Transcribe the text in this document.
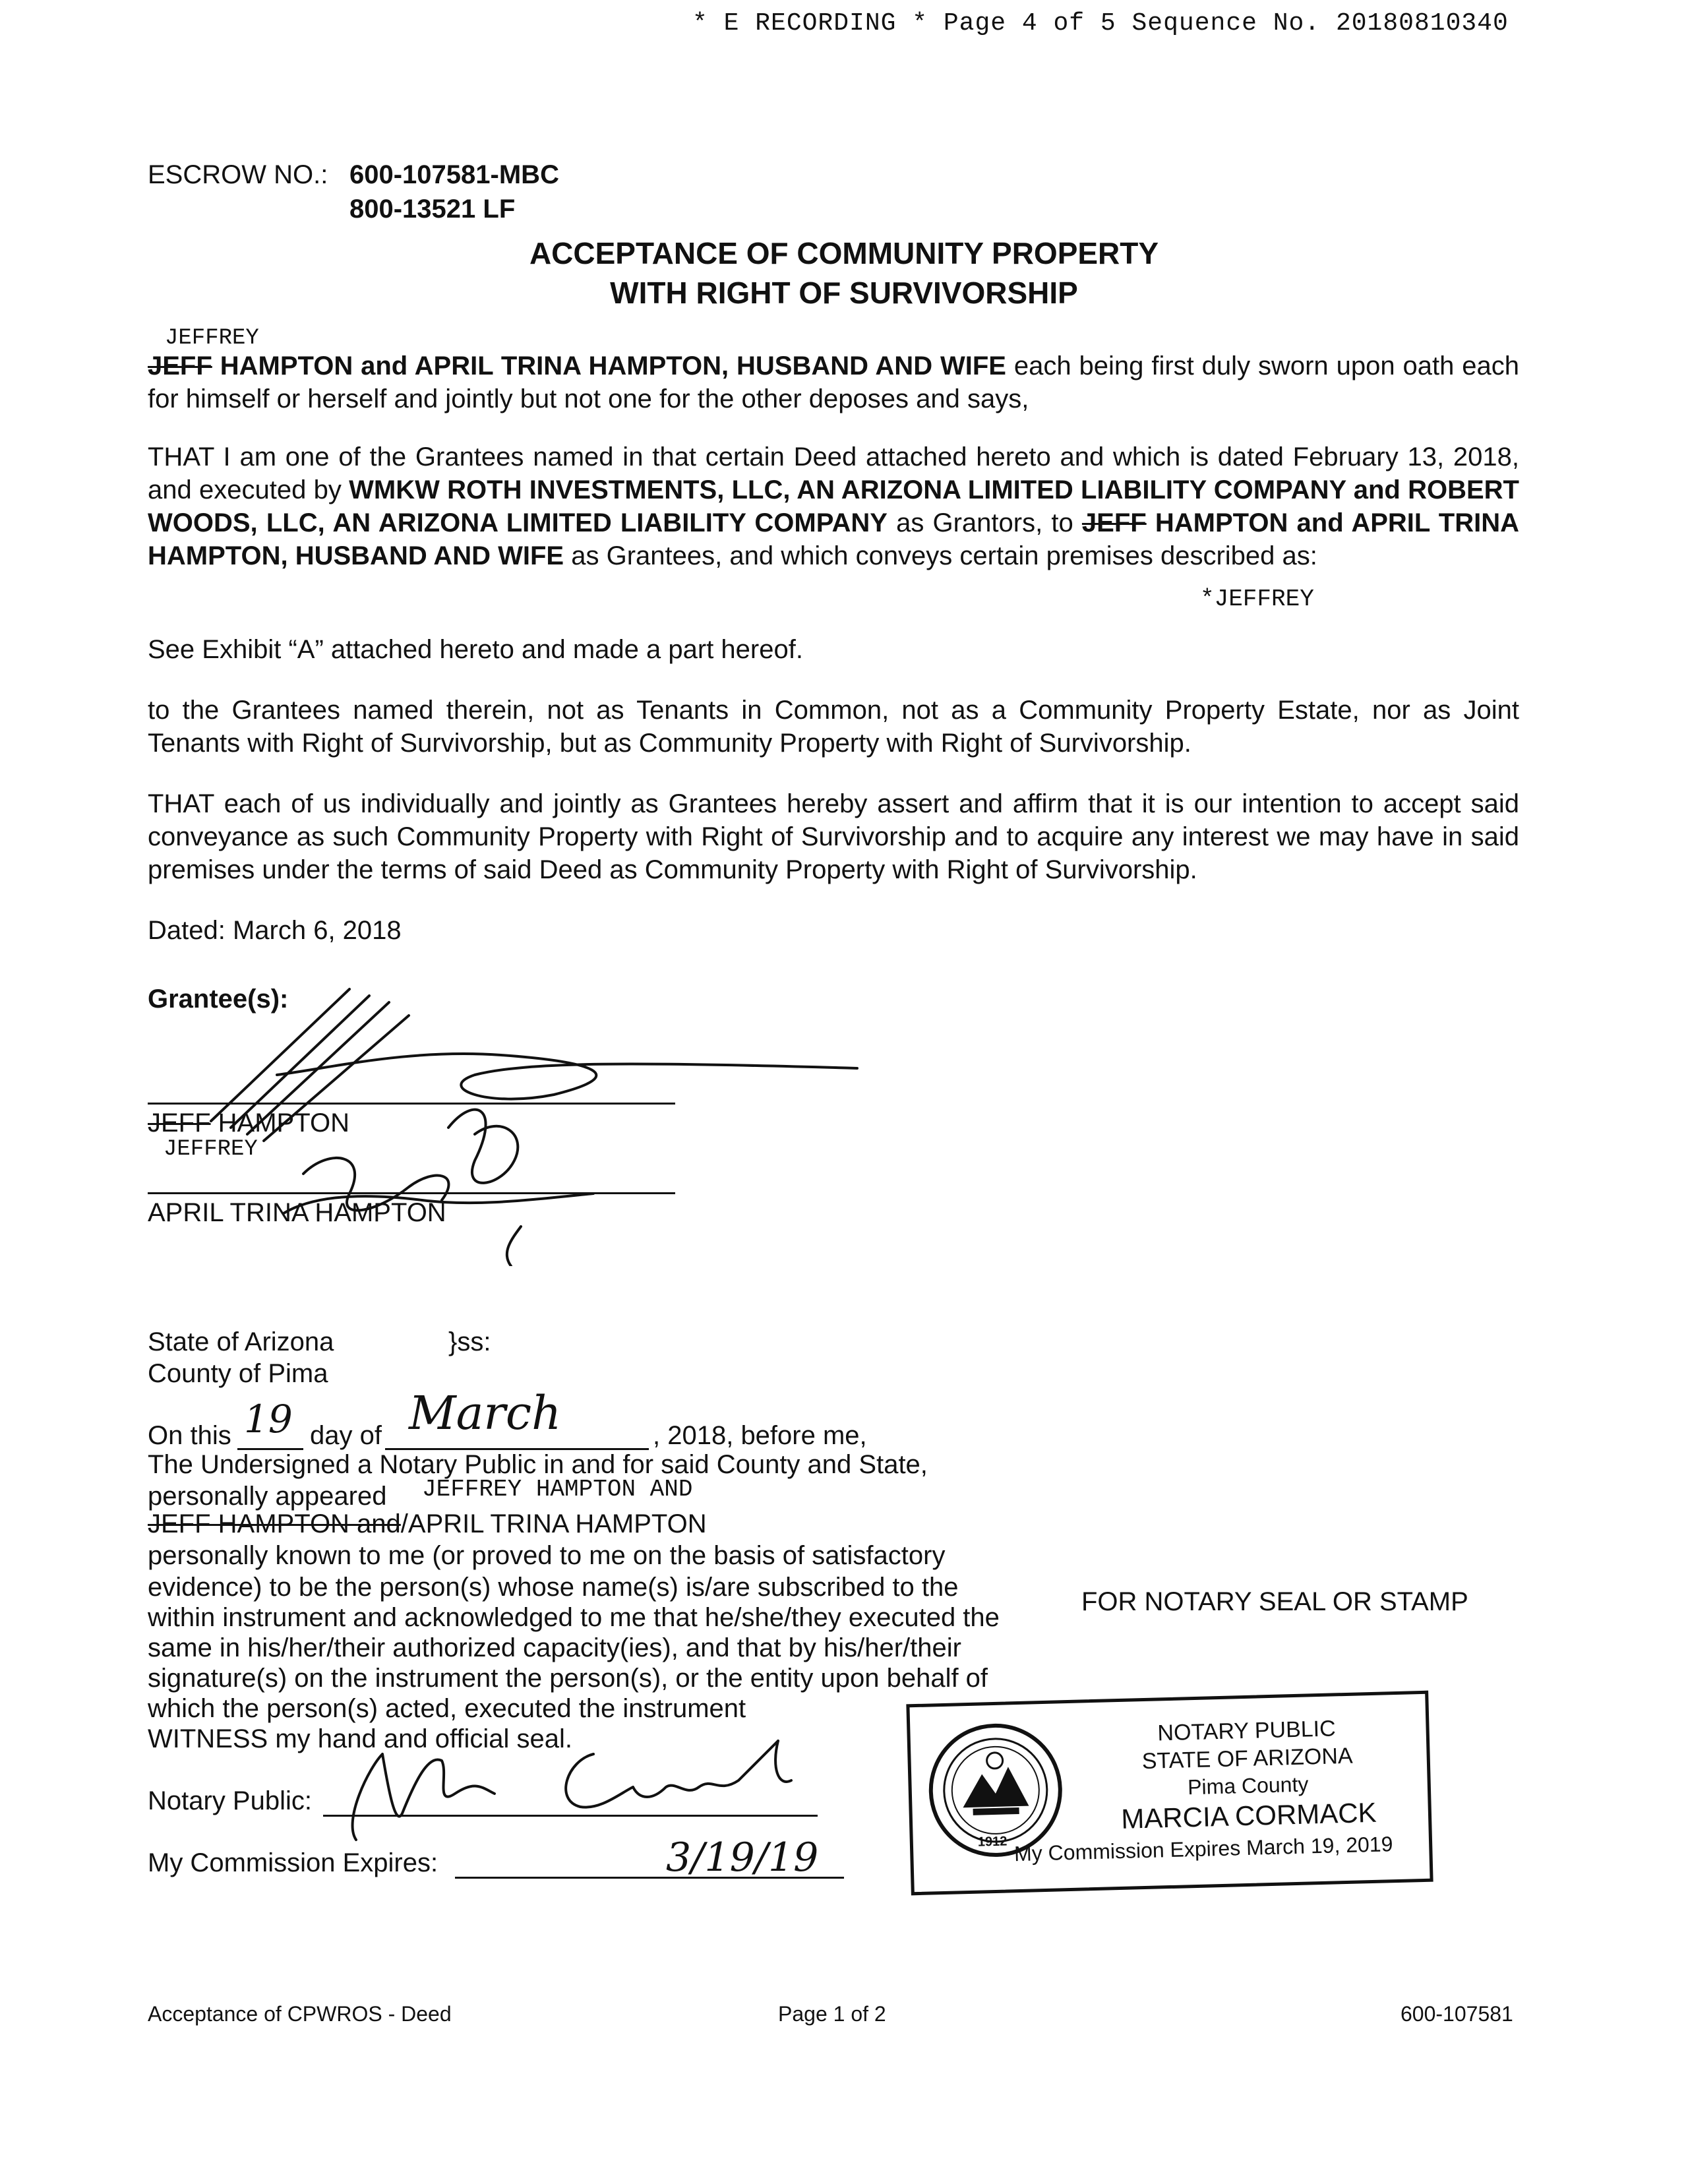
* E RECORDING * Page 4 of 5 Sequence No. 20180810340
ESCROW NO.: 600-107581-MBC
800-13521 LF
ACCEPTANCE OF COMMUNITY PROPERTY
WITH RIGHT OF SURVIVORSHIP
JEFFREY
JEFF HAMPTON and APRIL TRINA HAMPTON, HUSBAND AND WIFE each being first duly sworn upon oath each for himself or herself and jointly but not one for the other deposes and says,
THAT I am one of the Grantees named in that certain Deed attached hereto and which is dated February 13, 2018, and executed by WMKW ROTH INVESTMENTS, LLC, AN ARIZONA LIMITED LIABILITY COMPANY and ROBERT WOODS, LLC, AN ARIZONA LIMITED LIABILITY COMPANY as Grantors, to JEFF HAMPTON and APRIL TRINA HAMPTON, HUSBAND AND WIFE as Grantees, and which conveys certain premises described as:
*JEFFREY
See Exhibit “A” attached hereto and made a part hereof.
to the Grantees named therein, not as Tenants in Common, not as a Community Property Estate, nor as Joint Tenants with Right of Survivorship, but as Community Property with Right of Survivorship.
THAT each of us individually and jointly as Grantees hereby assert and affirm that it is our intention to accept said conveyance as such Community Property with Right of Survivorship and to acquire any interest we may have in said premises under the terms of said Deed as Community Property with Right of Survivorship.
Dated: March 6, 2018
Grantee(s):
JEFF HAMPTON
JEFFREY
APRIL TRINA HAMPTON
State of Arizona	}ss:
County of Pima
On this 19 day of March	, 2018, before me,
The Undersigned a Notary Public in and for said County and State,
personally appeared JEFFREY HAMPTON AND
JEFF HAMPTON and/APRIL TRINA HAMPTON
personally known to me (or proved to me on the basis of satisfactory
evidence) to be the person(s) whose name(s) is/are subscribed to the
within instrument and acknowledged to me that he/she/they executed the
same in his/her/their authorized capacity(ies), and that by his/her/their
signature(s) on the instrument the person(s), or the entity upon behalf of
which the person(s) acted, executed the instrument
WITNESS my hand and official seal.
FOR NOTARY SEAL OR STAMP
Notary Public:
My Commission Expires:	3/19/19	1912
NOTARY PUBLIC
STATE OF ARIZONA
Pima County
MARCIA CORMACK
My Commission Expires March 19, 2019
Acceptance of CPWROS - Deed	Page 1 of 2	600-107581
